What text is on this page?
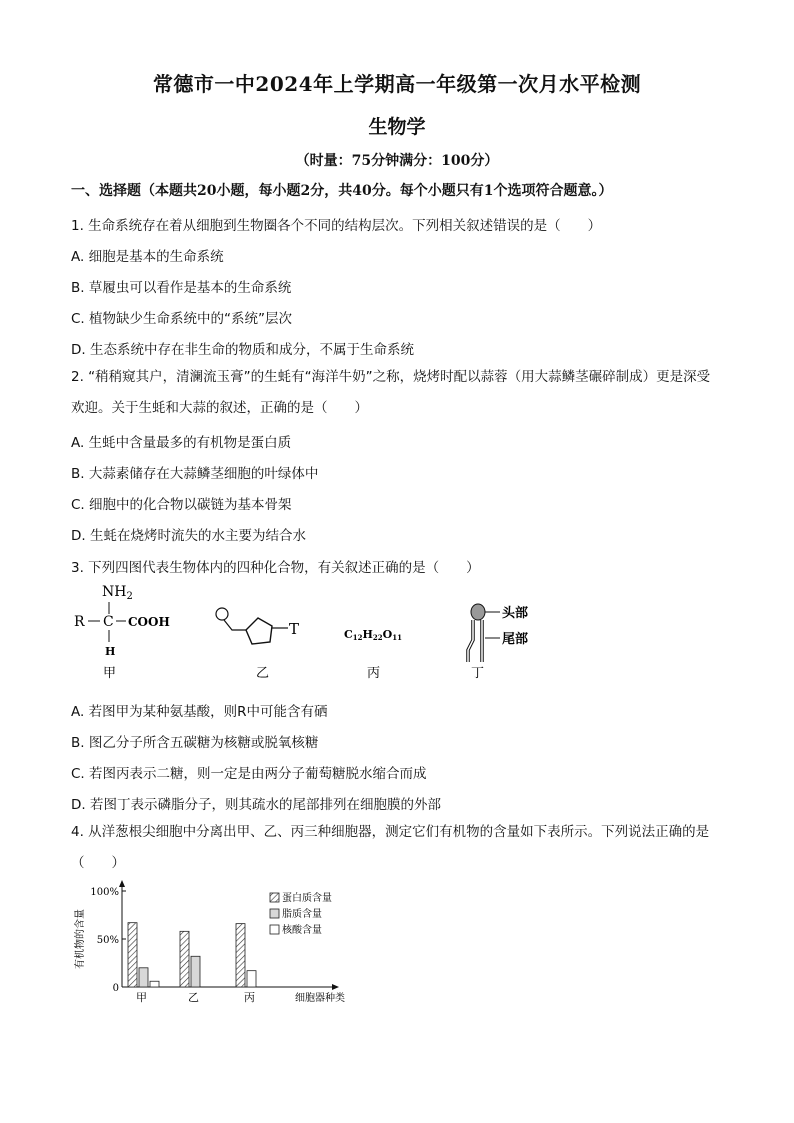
常德市一中2024年上学期高一年级第一次月水平检测
生物学
（时量：75分钟满分：100分）
一、选择题（本题共20小题，每小题2分，共40分。每个小题只有1个选项符合题意。）
1. 生命系统存在着从细胞到生物圈各个不同的结构层次。下列相关叙述错误的是（　　）
A. 细胞是基本的生命系统
B. 草履虫可以看作是基本的生命系统
C. 植物缺少生命系统中的“系统”层次
D. 生态系统中存在非生命的物质和成分，不属于生命系统
2. “稍稍窥其户，清澜流玉膏”的生蚝有“海洋牛奶”之称，烧烤时配以蒜蓉（用大蒜鳞茎碾碎制成）更是深受欢迎。关于生蚝和大蒜的叙述，正确的是（　　）
A. 生蚝中含量最多的有机物是蛋白质
B. 大蒜素储存在大蒜鳞茎细胞的叶绿体中
C. 细胞中的化合物以碳链为基本骨架
D. 生蚝在烧烤时流失的水主要为结合水
3. 下列四图代表生物体内的四种化合物，有关叙述正确的是（　　）
$NH_2$
R C COOH
H
甲
T
乙
C12H22O11
丙
头部
尾部
丁
A. 若图甲为某种氨基酸，则R中可能含有硒
B. 图乙分子所含五碳糖为核糖或脱氧核糖
C. 若图丙表示二糖，则一定是由两分子葡萄糖脱水缩合而成
D. 若图丁表示磷脂分子，则其疏水的尾部排列在细胞膜的外部
4. 从洋葱根尖细胞中分离出甲、乙、丙三种细胞器，测定它们有机物的含量如下表所示。下列说法正确的是（　　）
0
50%
100%
有机物的含量
甲	乙	丙	细胞器种类
蛋白质含量
脂质含量
核酸含量
